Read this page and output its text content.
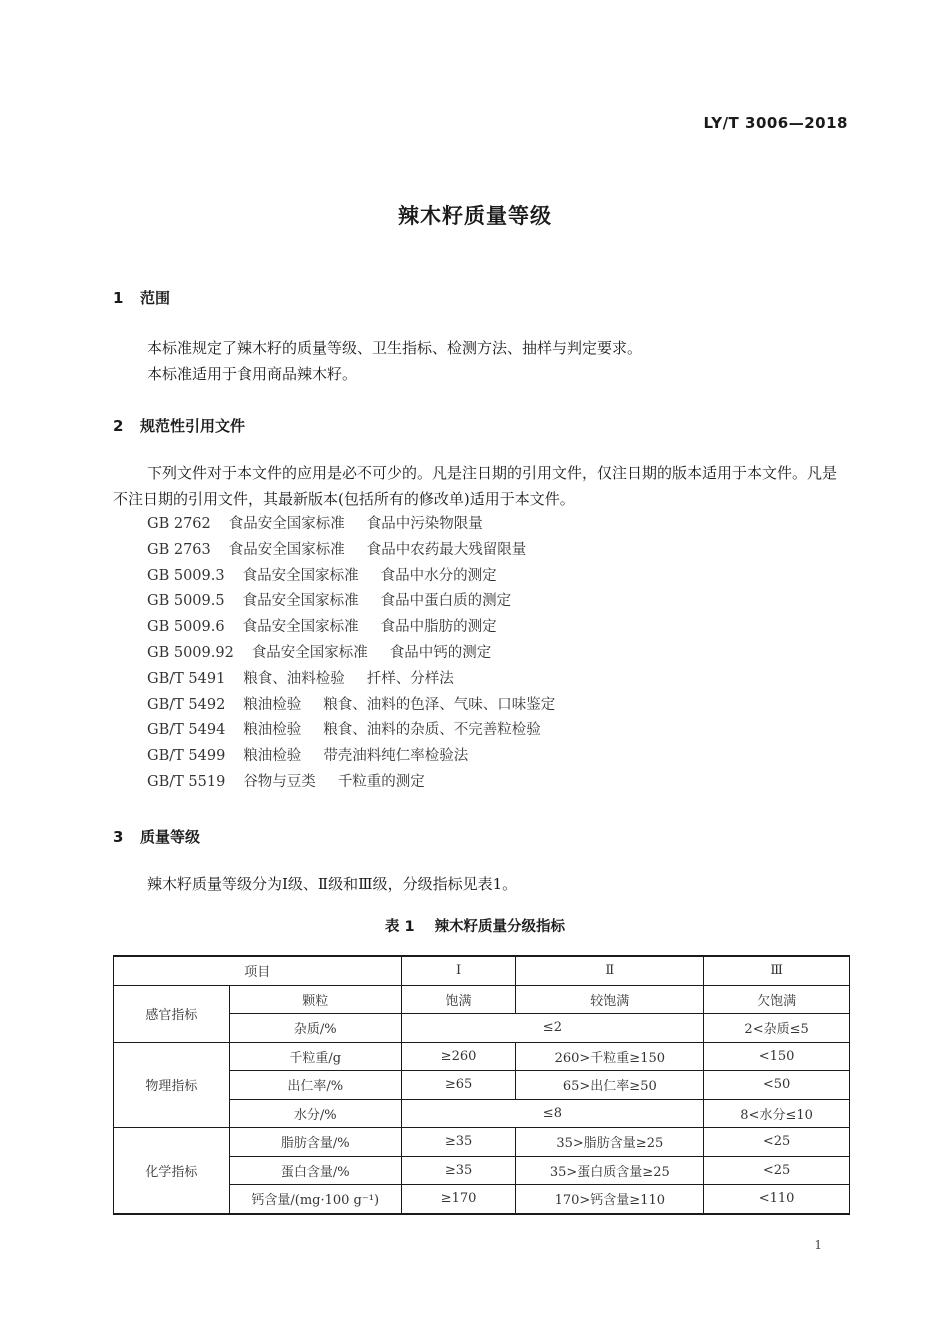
LY/T 3006—2018
辣木籽质量等级
1 范围
本标准规定了辣木籽的质量等级、卫生指标、检测方法、抽样与判定要求。
本标准适用于食用商品辣木籽。
2 规范性引用文件
下列文件对于本文件的应用是必不可少的。凡是注日期的引用文件，仅注日期的版本适用于本文件。凡是不注日期的引用文件，其最新版本(包括所有的修改单)适用于本文件。
GB 2762 食品安全国家标准 食品中污染物限量
GB 2763 食品安全国家标准 食品中农药最大残留限量
GB 5009.3 食品安全国家标准 食品中水分的测定
GB 5009.5 食品安全国家标准 食品中蛋白质的测定
GB 5009.6 食品安全国家标准 食品中脂肪的测定
GB 5009.92 食品安全国家标准 食品中钙的测定
GB/T 5491 粮食、油料检验 扦样、分样法
GB/T 5492 粮油检验 粮食、油料的色泽、气味、口味鉴定
GB/T 5494 粮油检验 粮食、油料的杂质、不完善粒检验
GB/T 5499 粮油检验 带壳油料纯仁率检验法
GB/T 5519 谷物与豆类 千粒重的测定
3 质量等级
辣木籽质量等级分为Ⅰ级、Ⅱ级和Ⅲ级，分级指标见表1。
表 1 辣木籽质量分级指标
项目		Ⅰ	Ⅱ	Ⅲ
感官指标	颗粒	饱满	较饱满	欠饱满
	杂质/%	≤2		2<杂质≤5
物理指标	千粒重/g	≥260	260>千粒重≥150	<150
	出仁率/%	≥65	65>出仁率≥50	<50
	水分/%	≤8		8<水分≤10
化学指标	脂肪含量/%	≥35	35>脂肪含量≥25	<25
	蛋白含量/%	≥35	35>蛋白质含量≥25	<25
	钙含量/(mg·100 g⁻¹)	≥170	170>钙含量≥110	<110
1
